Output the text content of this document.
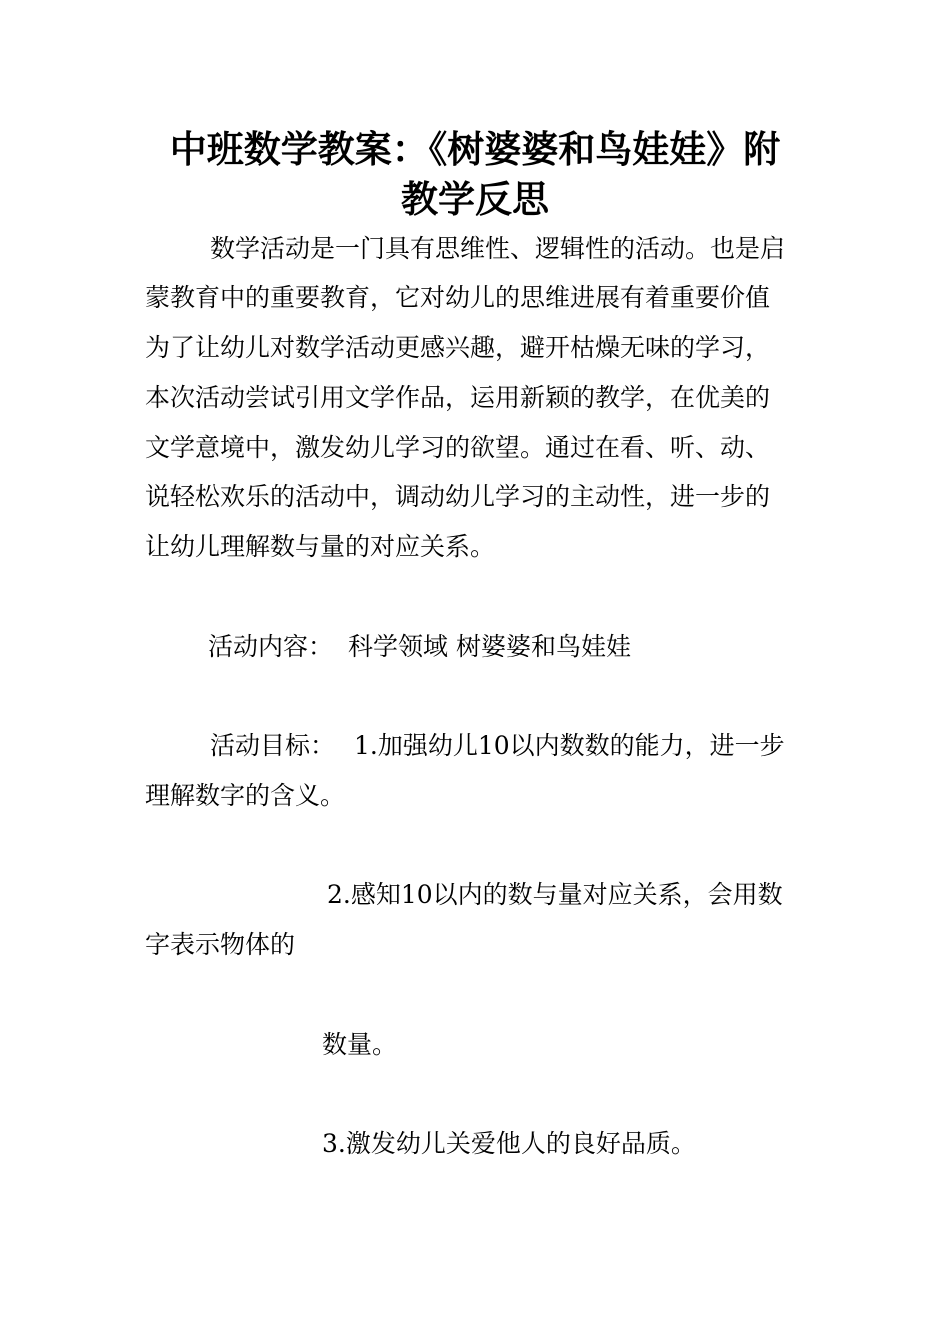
中班数学教案：《树婆婆和鸟娃娃》附
教学反思

数学活动是一门具有思维性、逻辑性的活动。也是启

蒙教育中的重要教育，它对幼儿的思维进展有着重要价值

为了让幼儿对数学活动更感兴趣，避开枯燥无味的学习，

本次活动尝试引用文学作品，运用新颖的教学，在优美的

文学意境中，激发幼儿学习的欲望。通过在看、听、动、

说轻松欢乐的活动中，调动幼儿学习的主动性，进一步的

让幼儿理解数与量的对应关系。

活动内容： 科学领域 树婆婆和鸟娃娃

活动目标： 1.加强幼儿10以内数数的能力，进一步

理解数字的含义。

2.感知10以内的数与量对应关系，会用数

字表示物体的

数量。

3.激发幼儿关爱他人的良好品质。
